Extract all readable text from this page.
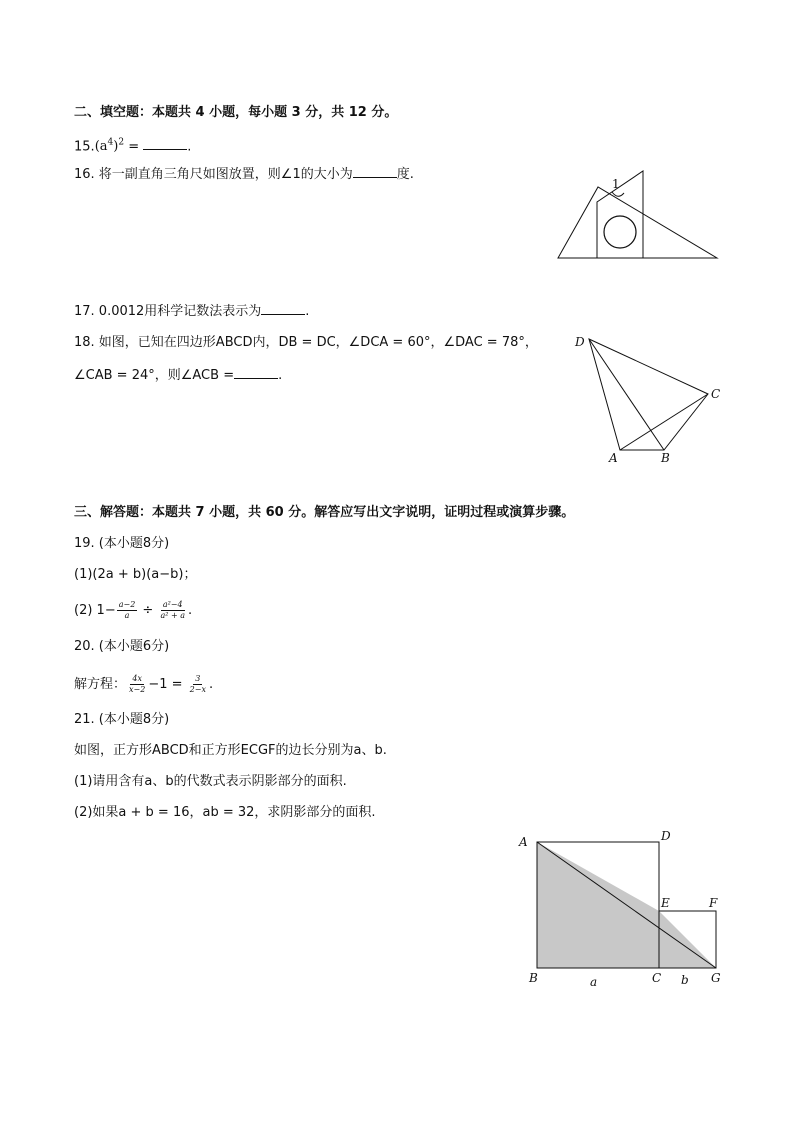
二、填空题：本题共 4 小题，每小题 3 分，共 12 分。
$15.(a^4)^2$ =	.
16. 将一副直角三角尺如图放置，则∠1的大小为	度.
1
17. 0.0012用科学记数法表示为	.
18. 如图，已知在四边形ABCD内，DB = DC，∠DCA = 60°，∠DAC = 78°，
∠CAB = 24°，则∠ACB =	.
D
C
A	B
三、解答题：本题共 7 小题，共 60 分。解答应写出文字说明，证明过程或演算步骤。
19. (本小题8分)
(1)(2a + b)(a−b)；
(2) $1- \frac{a-2}{a} \div \frac{\text{a²−4}}{\text{a² + a}}$ .
20. (本小题6分)
解方程： $\frac{4x}{x-2} -1 = \frac{3}{2-x}$ .
21. (本小题8分)
如图，正方形ABCD和正方形ECGF的边长分别为a、b.
(1)请用含有a、b的代数式表示阴影部分的面积.
(2)如果a + b = 16，ab = 32，求阴影部分的面积.
A	D
E	F
B	C	G
a	b
